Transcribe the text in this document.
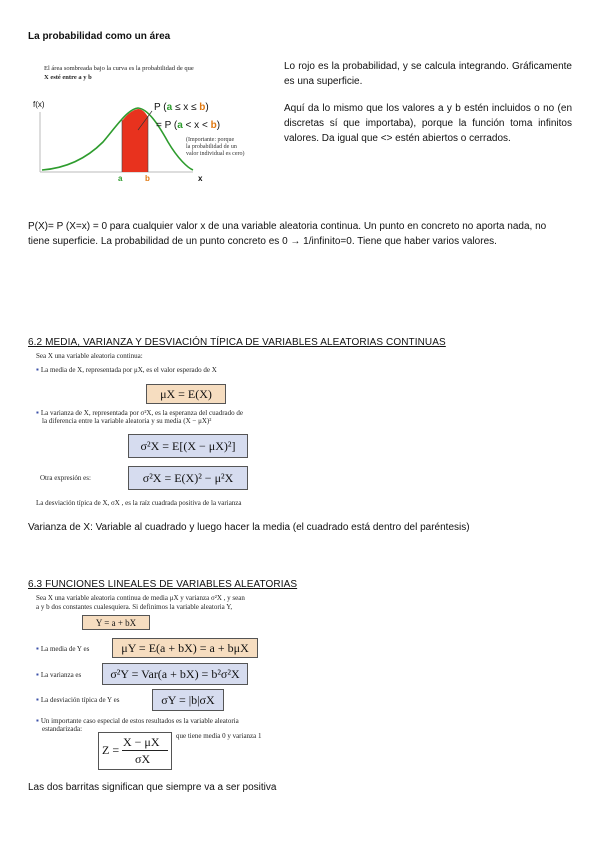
La probabilidad como un área
El área sombreada bajo la curva es la probabilidad de que
X esté entre a y b
f(x)	P (a ≤ x ≤ b)
= P (a < x < b)
(Importante: porque
la probabilidad de un
valor individual es cero)
a	b	x
Lo rojo es la probabilidad, y se calcula integrando. Gráficamente es una superficie.
Aquí da lo mismo que los valores a y b estén incluidos o no (en discretas sí que importaba), porque la función toma infinitos valores. Da igual que <> estén abiertos o cerrados.
P(X)= P (X=x) = 0 para cualquier valor x de una variable aleatoria continua. Un punto en concreto no aporta nada, no tiene superficie. La probabilidad de un punto concreto es 0 → 1/infinito=0. Tiene que haber varios valores.
6.2 MEDIA, VARIANZA Y DESVIACIÓN TÍPICA DE VARIABLES ALEATORIAS CONTINUAS
Sea X una variable aleatoria continua:
▪ La media de X, representada por μX, es el valor esperado de X
μX = E(X)
▪ La varianza de X, representada por σ²X, es la esperanza del cuadrado de
la diferencia entre la variable aleatoria y su media (X − μX)²
σ²X = E[(X − μX)²]
Otra expresión es:	σ²X = E(X)² − μ²X
La desviación típica de X, σX , es la raíz cuadrada positiva de la varianza
Varianza de X: Variable al cuadrado y luego hacer la media (el cuadrado está dentro del paréntesis)
6.3 FUNCIONES LINEALES DE VARIABLES ALEATORIAS
Sea X una variable aleatoria continua de media μX y varianza σ²X , y sean
a y b dos constantes cualesquiera. Si definimos la variable aleatoria Y,
Y = a + bX
▪ La media de Y es	μY = E(a + bX) = a + bμX
▪ La varianza es	σ²Y = Var(a + bX) = b²σ²X
▪ La desviación típica de Y es	σY = |b|σX
▪ Un importante caso especial de estos resultados es la variable aleatoria
estandarizada:
Z =
X − μX
σX
que tiene media 0 y varianza 1
Las dos barritas significan que siempre va a ser positiva
